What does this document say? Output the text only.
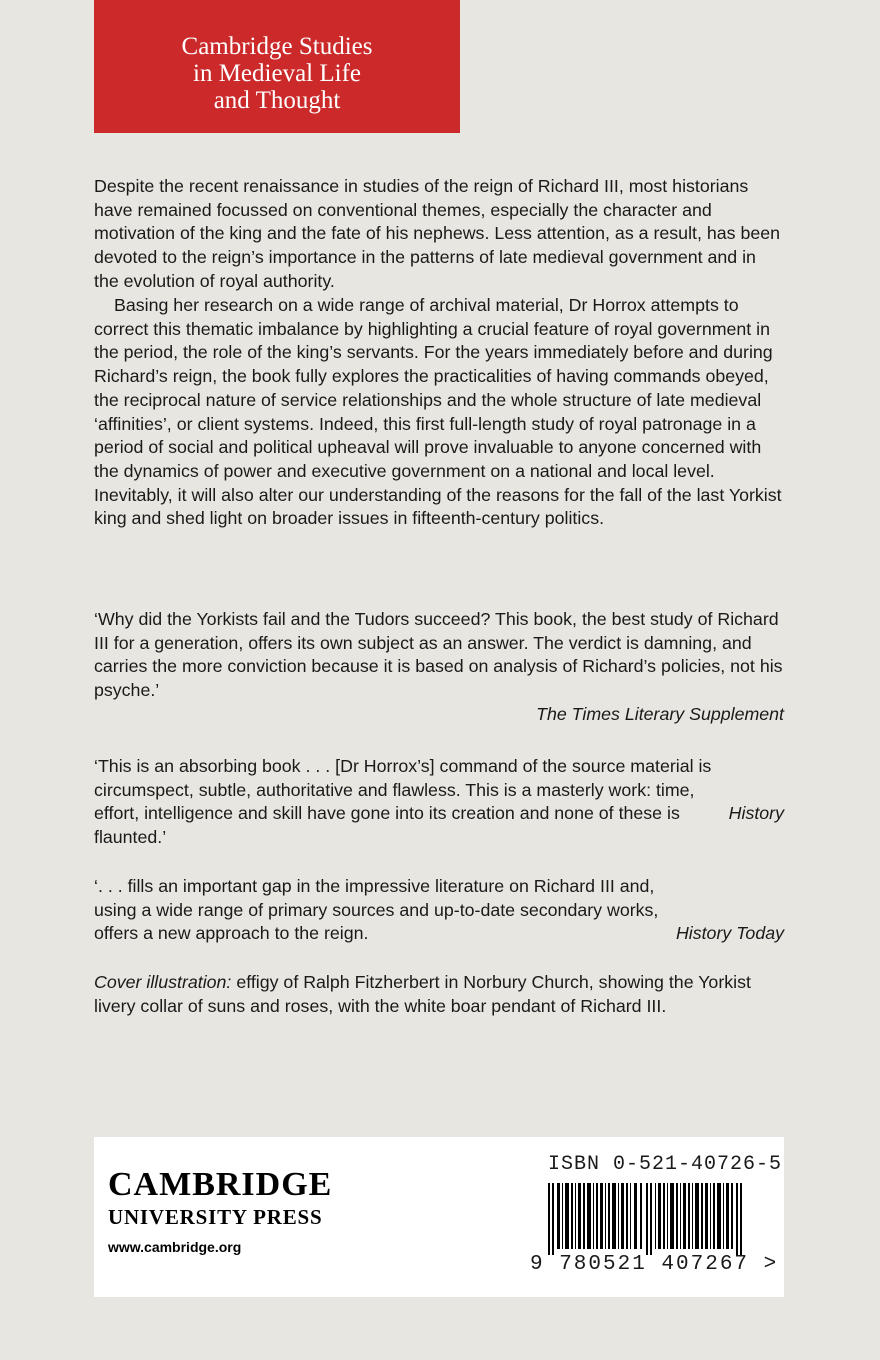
Cambridge Studies
in Medieval Life
and Thought

Despite the recent renaissance in studies of the reign of Richard III, most historians have remained focussed on conventional themes, especially the character and motivation of the king and the fate of his nephews. Less attention, as a result, has been devoted to the reign’s importance in the patterns of late medieval government and in the evolution of royal authority.

Basing her research on a wide range of archival material, Dr Horrox attempts to correct this thematic imbalance by highlighting a crucial feature of royal government in the period, the role of the king’s servants. For the years immediately before and during Richard’s reign, the book fully explores the practicalities of having commands obeyed, the reciprocal nature of service relationships and the whole structure of late medieval ‘affinities’, or client systems. Indeed, this first full-length study of royal patronage in a period of social and political upheaval will prove invaluable to anyone concerned with the dynamics of power and executive government on a national and local level. Inevitably, it will also alter our understanding of the reasons for the fall of the last Yorkist king and shed light on broader issues in fifteenth-century politics.

‘Why did the Yorkists fail and the Tudors succeed? This book, the best study of Richard III for a generation, offers its own subject as an answer. The verdict is damning, and carries the more conviction because it is based on analysis of Richard’s policies, not his psyche.’

The Times Literary Supplement

History
‘This is an absorbing book . . . [Dr Horrox’s] command of the source material is circumspect, subtle, authoritative and flawless. This is a masterly work: time, effort, intelligence and skill have gone into its creation and none of these is flaunted.’

History Today
‘. . . fills an important gap in the impressive literature on Richard III and, using a wide range of primary sources and up-to-date secondary works, offers a new approach to the reign.

Cover illustration: effigy of Ralph Fitzherbert in Norbury Church, showing the Yorkist livery collar of suns and roses, with the white boar pendant of Richard III.

CAMBRIDGE
UNIVERSITY PRESS
www.cambridge.org
ISBN 0-521-40726-5
9 780521 407267 >
